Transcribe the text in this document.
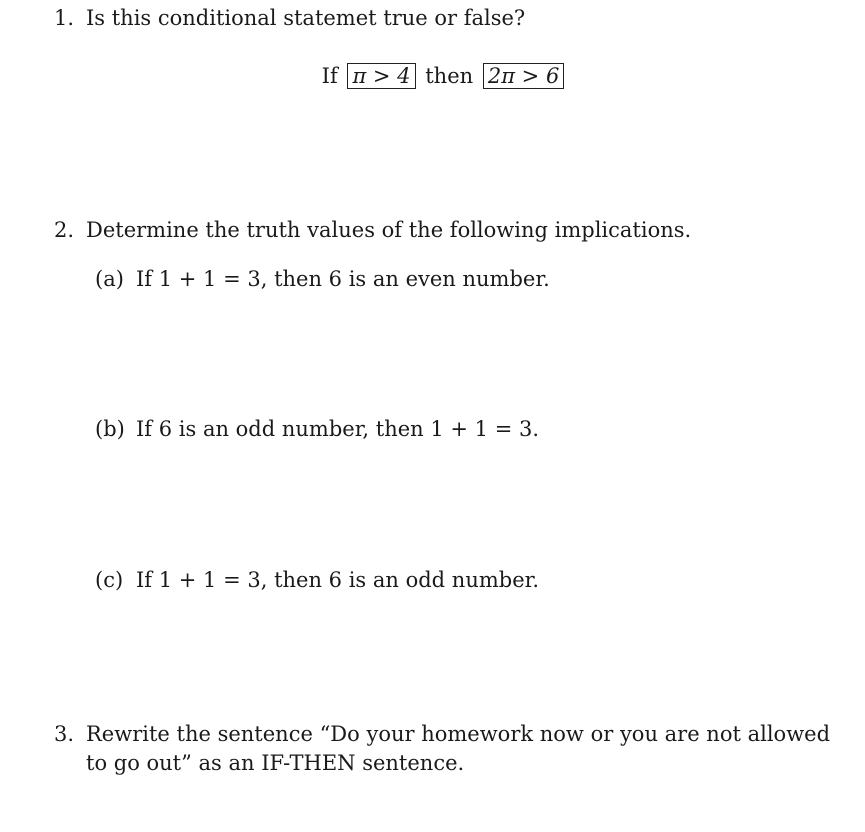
1. Is this conditional statemet true or false?
If π > 4 then 2π > 6
2. Determine the truth values of the following implications.
(a) If 1 + 1 = 3, then 6 is an even number.
(b) If 6 is an odd number, then 1 + 1 = 3.
(c) If 1 + 1 = 3, then 6 is an odd number.
3. Rewrite the sentence “Do your homework now or you are not allowed
to go out” as an IF-THEN sentence.
